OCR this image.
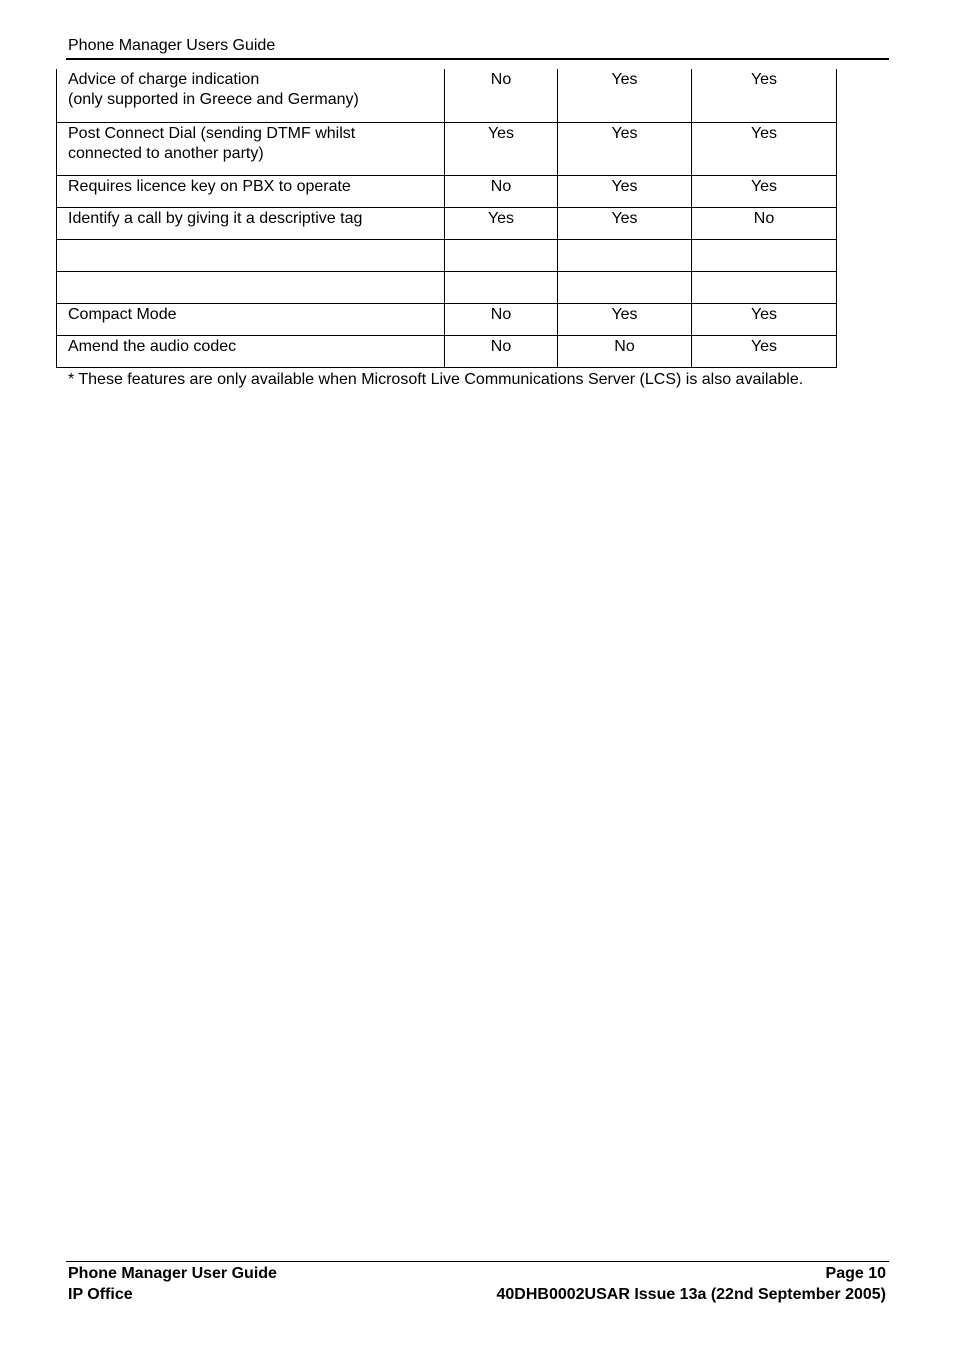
Phone Manager Users Guide
Advice of charge indication
(only supported in Greece and Germany)	No	Yes	Yes

Post Connect Dial (sending DTMF whilst
connected to another party)	Yes	Yes	Yes
Requires licence key on PBX to operate	No	Yes	Yes
Identify a call by giving it a descriptive tag	Yes	Yes	No

Compact Mode	No	Yes	Yes
Amend the audio codec	No	No	Yes
* These features are only available when Microsoft Live Communications Server (LCS) is also available.
Phone Manager User Guide
IP Office
Page 10
40DHB0002USAR Issue 13a (22nd September 2005)
